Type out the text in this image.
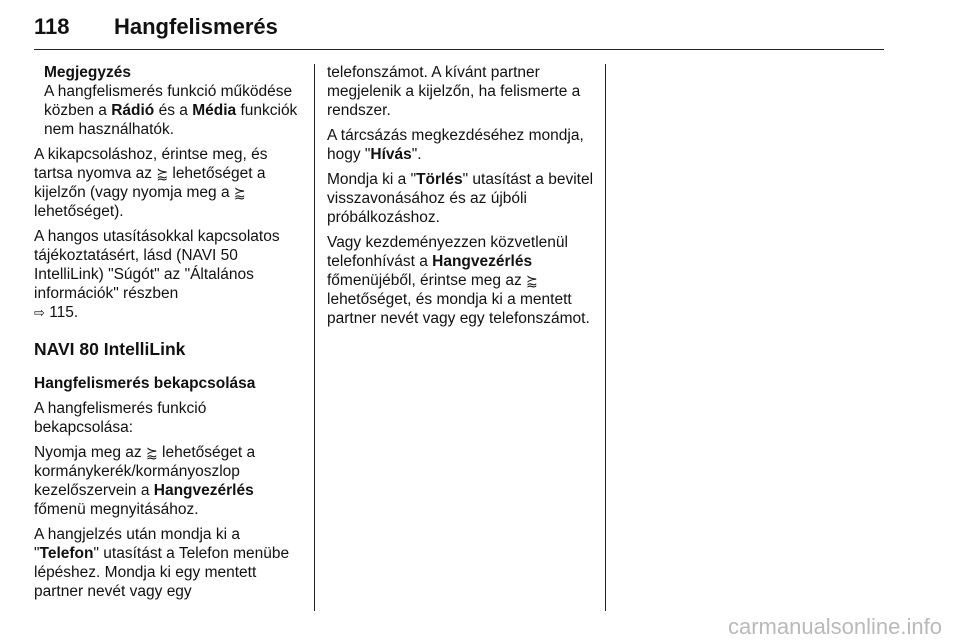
118 Hangfelismerés
Megjegyzés
A hangfelismerés funkció működése közben a Rádió és a Média funkciók nem használhatók.

A kikapcsoláshoz, érintse meg, és tartsa nyomva az ⪸ lehetőséget a kijelzőn (vagy nyomja meg a ⪸ lehetőséget).

A hangos utasításokkal kapcsolatos tájékoztatásért, lásd (NAVI 50 IntelliLink) "Súgót" az "Általános információk" részben
⇨ 115.

NAVI 80 IntelliLink

Hangfelismerés bekapcsolása

A hangfelismerés funkció bekapcsolása:

Nyomja meg az ⪸ lehetőséget a kormánykerék/kormányoszlop kezelőszervein a Hangvezérlés főmenü megnyitásához.

A hangjelzés után mondja ki a "Telefon" utasítást a Telefon menübe lépéshez. Mondja ki egy mentett partner nevét vagy egy

telefonszámot. A kívánt partner megjelenik a kijelzőn, ha felismerte a rendszer.

A tárcsázás megkezdéséhez mondja, hogy "Hívás".

Mondja ki a "Törlés" utasítást a bevitel visszavonásához és az újbóli próbálkozáshoz.

Vagy kezdeményezzen közvetlenül telefonhívást a Hangvezérlés főmenüjéből, érintse meg az ⪸ lehetőséget, és mondja ki a mentett partner nevét vagy egy telefonszámot.

carmanualsonline.info
